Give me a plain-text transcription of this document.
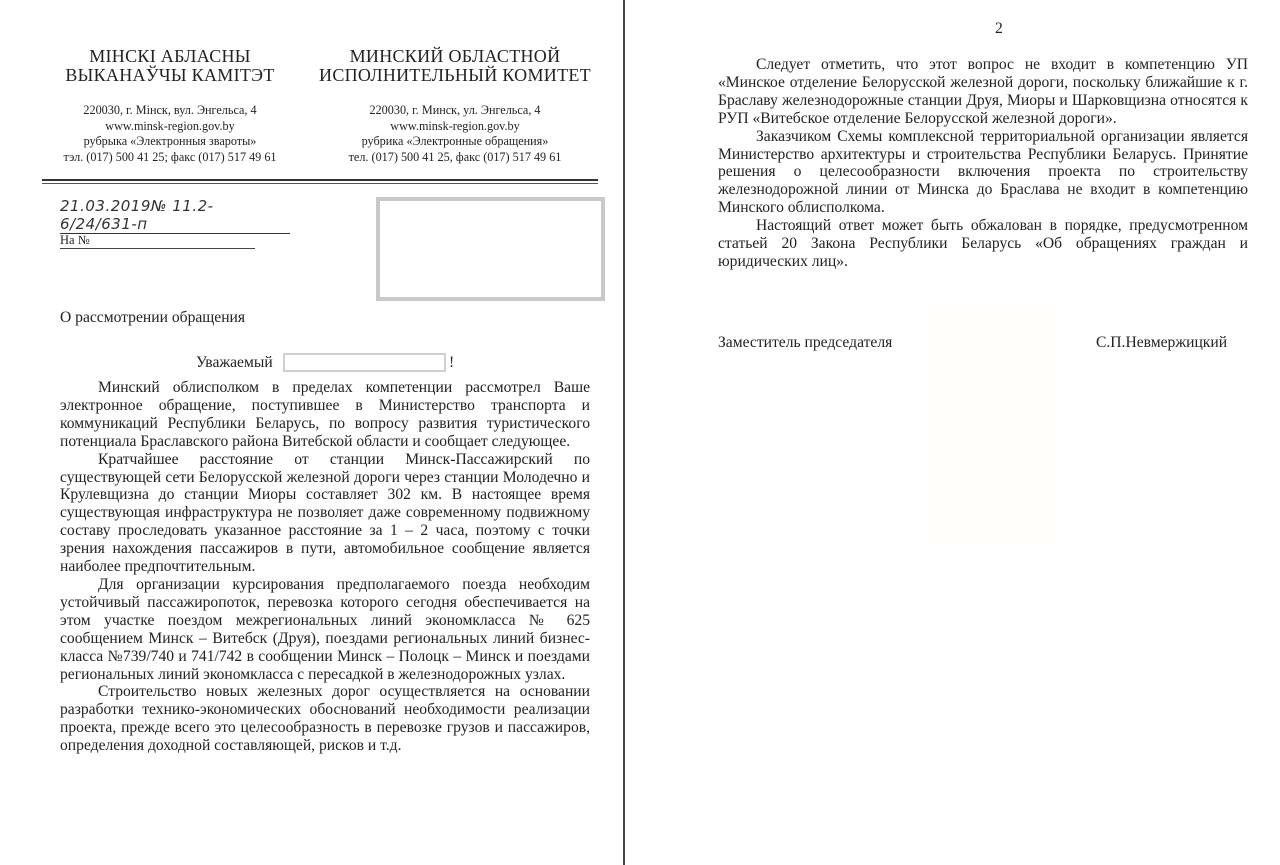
МІНСКІ АБЛАСНЫ
ВЫКАНАЎЧЫ КАМІТЭТ
МИНСКИЙ ОБЛАСТНОЙ
ИСПОЛНИТЕЛЬНЫЙ КОМИТЕТ
220030, г. Мінск, вул. Энгельса, 4
www.minsk-region.gov.by
рубрыка «Электронныя звароты»
тэл. (017) 500 41 25; факс (017) 517 49 61
220030, г. Минск, ул. Энгельса, 4
www.minsk-region.gov.by
рубрика «Электронные обращения»
тел. (017) 500 41 25, факс (017) 517 49 61
21.03.2019№ 11.2-6/24/631-п
На №
О рассмотрении обращения
Уважаемый	!

Минский облисполком в пределах компетенции рассмотрел Ваше электронное обращение, поступившее в Министерство транспорта и коммуникаций Республики Беларусь, по вопросу развития туристического потенциала Браславского района Витебской области и сообщает следующее.

Кратчайшее расстояние от станции Минск-Пассажирский по существующей сети Белорусской железной дороги через станции Молодечно и Крулевщизна до станции Миоры составляет 302 км. В настоящее время существующая инфраструктура не позволяет даже современному подвижному составу проследовать указанное расстояние за 1 – 2 часа, поэтому с точки зрения нахождения пассажиров в пути, автомобильное сообщение является наиболее предпочтительным.

Для организации курсирования предполагаемого поезда необходим устойчивый пассажиропоток, перевозка которого сегодня обеспечивается на этом участке поездом межрегиональных линий экономкласса № 625 сообщением Минск – Витебск (Друя), поездами региональных линий бизнес-класса №739/740 и 741/742 в сообщении Минск – Полоцк – Минск и поездами региональных линий экономкласса с пересадкой в железнодорожных узлах.

Строительство новых железных дорог осуществляется на основании разработки технико-экономических обоснований необходимости реализации проекта, прежде всего это целесообразность в перевозке грузов и пассажиров, определения доходной составляющей, рисков и т.д.

2

Следует отметить, что этот вопрос не входит в компетенцию УП «Минское отделение Белорусской железной дороги, поскольку ближайшие к г. Браславу железнодорожные станции Друя, Миоры и Шарковщизна относятся к РУП «Витебское отделение Белорусской железной дороги».

Заказчиком Схемы комплексной территориальной организации является Министерство архитектуры и строительства Республики Беларусь. Принятие решения о целесообразности включения проекта по строительству железнодорожной линии от Минска до Браслава не входит в компетенцию Минского облисполкома.

Настоящий ответ может быть обжалован в порядке, предусмотренном статьей 20 Закона Республики Беларусь «Об обращениях граждан и юридических лиц».

Заместитель председателя	С.П.Невмержицкий
